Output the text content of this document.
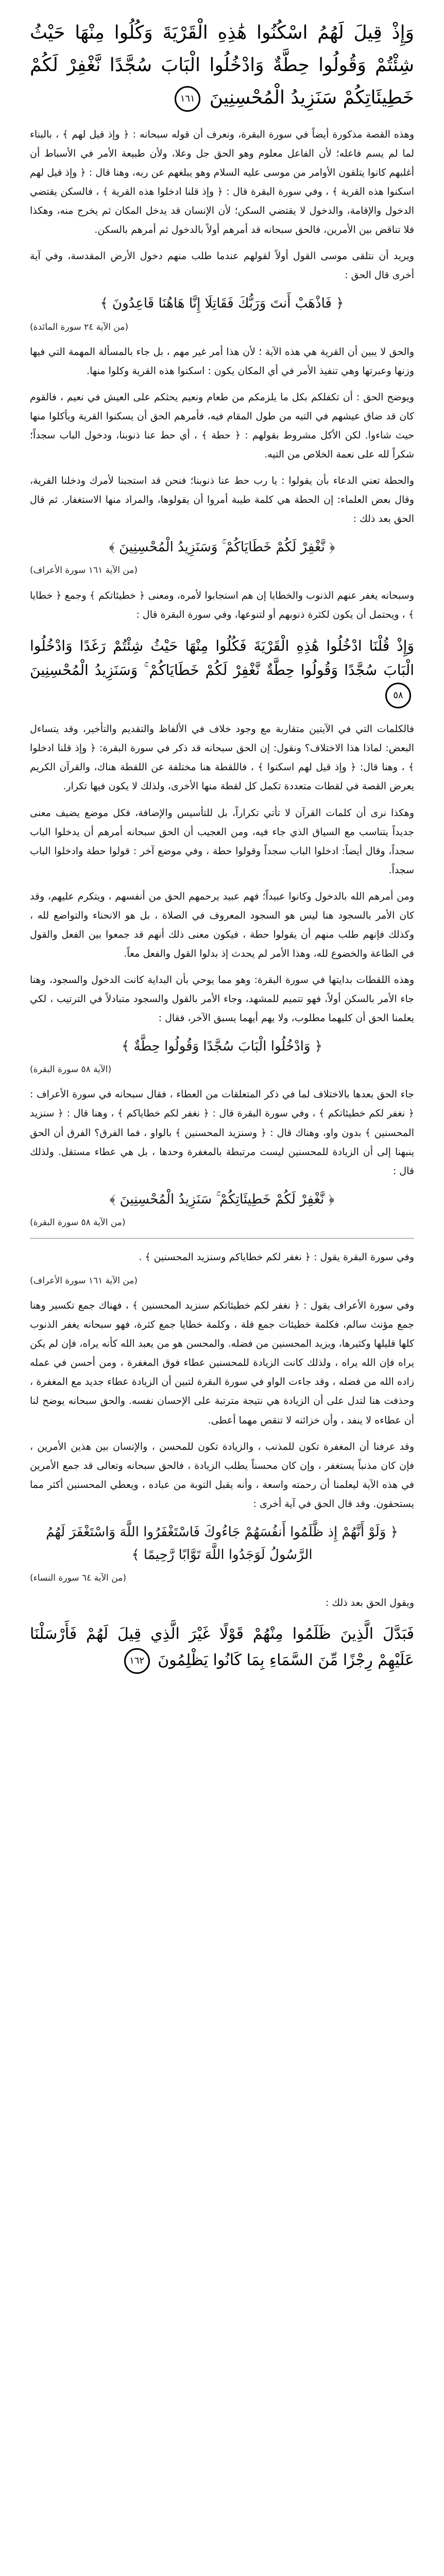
وَإِذْ قِيلَ لَهُمُ اسْكُنُوا هَٰذِهِ الْقَرْيَةَ وَكُلُوا مِنْهَا حَيْثُ شِئْتُمْ وَقُولُوا حِطَّةٌ وَادْخُلُوا الْبَابَ سُجَّدًا نَّغْفِرْ لَكُمْ خَطِيئَاتِكُمْ سَنَزِيدُ الْمُحْسِنِينَ ١٦١

وهذه القصة مذكورة أيضاً في سورة البقرة، ونعرف أن قوله سبحانه : ﴿ وإذ قيل لهم ﴾ ، بالبناء لما لم يسم فاعله؛ لأن الفاعل معلوم وهو الحق جل وعلا، ولأن طبيعة الأمر في الأسباط أن أغلبهم كانوا يتلقون الأوامر من موسى عليه السلام وهو يبلغهم عن ربه، وهنا قال : ﴿ وإذ قيل لهم اسكنوا هذه القرية ﴾ ، وفي سورة البقرة قال : ﴿ وإذ قلنا ادخلوا هذه القرية ﴾ ، فالسكن يقتضي الدخول والإقامة، والدخول لا يقتضي السكن؛ لأن الإنسان قد يدخل المكان ثم يخرج منه، وهكذا فلا تناقض بين الأمرين، فالحق سبحانه قد أمرهم أولاً بالدخول ثم أمرهم بالسكن.

ويريد أن نتلقى موسى القول أولاً لقولهم عندما طلب منهم دخول الأرض المقدسة، وفي آية أخرى قال الحق :

﴿ فَاذْهَبْ أَنتَ وَرَبُّكَ فَقَاتِلَا إِنَّا هَاهُنَا قَاعِدُونَ ﴾
(من الآية ٢٤ سورة المائدة)

والحق لا يبين أن القرية هي هذه الآية ؛ لأن هذا أمر غير مهم ، بل جاء بالمسألة المهمة التي فيها وزنها وعبرتها وهي تنفيذ الأمر في أي المكان يكون : اسكنوا هذه القرية وكلوا منها.

ويوضح الحق : أن تكفلكم بكل ما يلزمكم من طعام ونعيم يحثكم على العيش في نعيم ، فالقوم كان قد ضاق عيشهم في التيه من طول المقام فيه، فأمرهم الحق أن يسكنوا القرية ويأكلوا منها حيث شاءوا. لكن الأكل مشروط بقولهم : ﴿ حطة ﴾ ، أي حط عنا ذنوبنا، ودخول الباب سجداً؛ شكراً لله على نعمة الخلاص من التيه.

والحطة تعني الدعاء بأن يقولوا : يا رب حط عنا ذنوبنا؛ فنحن قد استجبنا لأمرك ودخلنا القرية، وقال بعض العلماء: إن الحطة هي كلمة طيبة أمروا أن يقولوها، والمراد منها الاستغفار. ثم قال الحق بعد ذلك :

﴿ نَّغْفِرْ لَكُمْ خَطَايَاكُمْ ۚ وَسَنَزِيدُ الْمُحْسِنِينَ ﴾
(من الآية ١٦١ سورة الأعراف)

وسبحانه يغفر عنهم الذنوب والخطايا إن هم استجابوا لأمره، ومعنى ﴿ خطيئاتكم ﴾ وجمع ﴿ خطايا ﴾ ، ويحتمل أن يكون لكثرة ذنوبهم أو لتنوعها، وفي سورة البقرة قال :

وَإِذْ قُلْنَا ادْخُلُوا هَٰذِهِ الْقَرْيَةَ فَكُلُوا مِنْهَا حَيْثُ شِئْتُمْ رَغَدًا وَادْخُلُوا الْبَابَ سُجَّدًا وَقُولُوا حِطَّةٌ نَّغْفِرْ لَكُمْ خَطَايَاكُمْ ۚ وَسَنَزِيدُ الْمُحْسِنِينَ ٥٨

فالكلمات التي في الآيتين متقاربة مع وجود خلاف في الألفاظ والتقديم والتأخير، وقد يتساءل البعض: لماذا هذا الاختلاف؟ ونقول: إن الحق سبحانه قد ذكر في سورة البقرة: ﴿ وإذ قلنا ادخلوا ﴾ ، وهنا قال: ﴿ وإذ قيل لهم اسكنوا ﴾ ، فاللقطة هنا مختلفة عن اللقطة هناك، والقرآن الكريم يعرض القصة في لقطات متعددة تكمل كل لقطة منها الأخرى، ولذلك لا يكون فيها تكرار.

وهكذا نرى أن كلمات القرآن لا تأتي تكراراً، بل للتأسيس والإضافة، فكل موضع يضيف معنى جديداً يتناسب مع السياق الذي جاء فيه، ومن العجيب أن الحق سبحانه أمرهم أن يدخلوا الباب سجداً، وقال أيضاً: ادخلوا الباب سجداً وقولوا حطة ، وفي موضع آخر : قولوا حطة وادخلوا الباب سجداً.

ومن أمرهم الله بالدخول وكانوا عبيداً؛ فهم عبيد يرحمهم الحق من أنفسهم ، ويتكرم عليهم، وقد كان الأمر بالسجود هنا ليس هو السجود المعروف في الصلاة ، بل هو الانحناء والتواضع لله ، وكذلك فإنهم طلب منهم أن يقولوا حطة ، فيكون معنى ذلك أنهم قد جمعوا بين الفعل والقول في الطاعة والخضوع لله، وهذا الأمر لم يحدث إذ بدلوا القول والفعل معاً.

وهذه اللقطات بدايتها في سورة البقرة: وهو مما يوحي بأن البداية كانت الدخول والسجود، وهنا جاء الأمر بالسكن أولاً، فهو تتميم للمشهد، وجاء الأمر بالقول والسجود متبادلاً في الترتيب ، لكي يعلمنا الحق أن كليهما مطلوب، ولا يهم أيهما يسبق الآخر، فقال :

﴿ وَادْخُلُوا الْبَابَ سُجَّدًا وَقُولُوا حِطَّةٌ ﴾
(الآية ٥٨ سورة البقرة)

جاء الحق بعدها بالاختلاف لما في ذكر المتعلقات من العطاء ، فقال سبحانه في سورة الأعراف : ﴿ نغفر لكم خطيئاتكم ﴾ ، وفي سورة البقرة قال : ﴿ نغفر لكم خطاياكم ﴾ ، وهنا قال : ﴿ سنزيد المحسنين ﴾ بدون واو، وهناك قال : ﴿ وسنزيد المحسنين ﴾ بالواو ، فما الفرق؟ الفرق أن الحق ينبهنا إلى أن الزيادة للمحسنين ليست مرتبطة بالمغفرة وحدها ، بل هي عطاء مستقل. ولذلك قال :

﴿ نَّغْفِرْ لَكُمْ خَطِيئَاتِكُمْ ۚ سَنَزِيدُ الْمُحْسِنِينَ ﴾
(من الآية ٥٨ سورة البقرة)

وفي سورة البقرة يقول : ﴿ نغفر لكم خطاياكم وسنزيد المحسنين ﴾ .

(من الآية ١٦١ سورة الأعراف)

وفي سورة الأعراف يقول : ﴿ نغفر لكم خطيئاتكم سنزيد المحسنين ﴾ ، فهناك جمع تكسير وهنا جمع مؤنث سالم، فكلمة خطيئات جمع قلة ، وكلمة خطايا جمع كثرة، فهو سبحانه يغفر الذنوب كلها قليلها وكثيرها، ويزيد المحسنين من فضله. والمحسن هو من يعبد الله كأنه يراه، فإن لم يكن يراه فإن الله يراه ، ولذلك كانت الزيادة للمحسنين عطاء فوق المغفرة ، ومن أحسن في عمله زاده الله من فضله ، وقد جاءت الواو في سورة البقرة لتبين أن الزيادة عطاء جديد مع المغفرة ، وحذفت هنا لتدل على أن الزيادة هي نتيجة مترتبة على الإحسان نفسه. والحق سبحانه يوضح لنا أن عطاءه لا ينفد ، وأن خزائنه لا تنقص مهما أعطى.

وقد عرفنا أن المغفرة تكون للمذنب ، والزيادة تكون للمحسن ، والإنسان بين هذين الأمرين ، فإن كان مذنباً يستغفر ، وإن كان محسناً يطلب الزيادة ، فالحق سبحانه وتعالى قد جمع الأمرين في هذه الآية ليعلمنا أن رحمته واسعة ، وأنه يقبل التوبة من عباده ، ويعطي المحسنين أكثر مما يستحقون. وقد قال الحق في آية أخرى :

﴿ وَلَوْ أَنَّهُمْ إِذ ظَّلَمُوا أَنفُسَهُمْ جَاءُوكَ فَاسْتَغْفَرُوا اللَّهَ وَاسْتَغْفَرَ لَهُمُ الرَّسُولُ لَوَجَدُوا اللَّهَ تَوَّابًا رَّحِيمًا ﴾
(من الآية ٦٤ سورة النساء)

ويقول الحق بعد ذلك :

فَبَدَّلَ الَّذِينَ ظَلَمُوا مِنْهُمْ قَوْلًا غَيْرَ الَّذِي قِيلَ لَهُمْ فَأَرْسَلْنَا عَلَيْهِمْ رِجْزًا مِّنَ السَّمَاءِ بِمَا كَانُوا يَظْلِمُونَ ١٦٢
